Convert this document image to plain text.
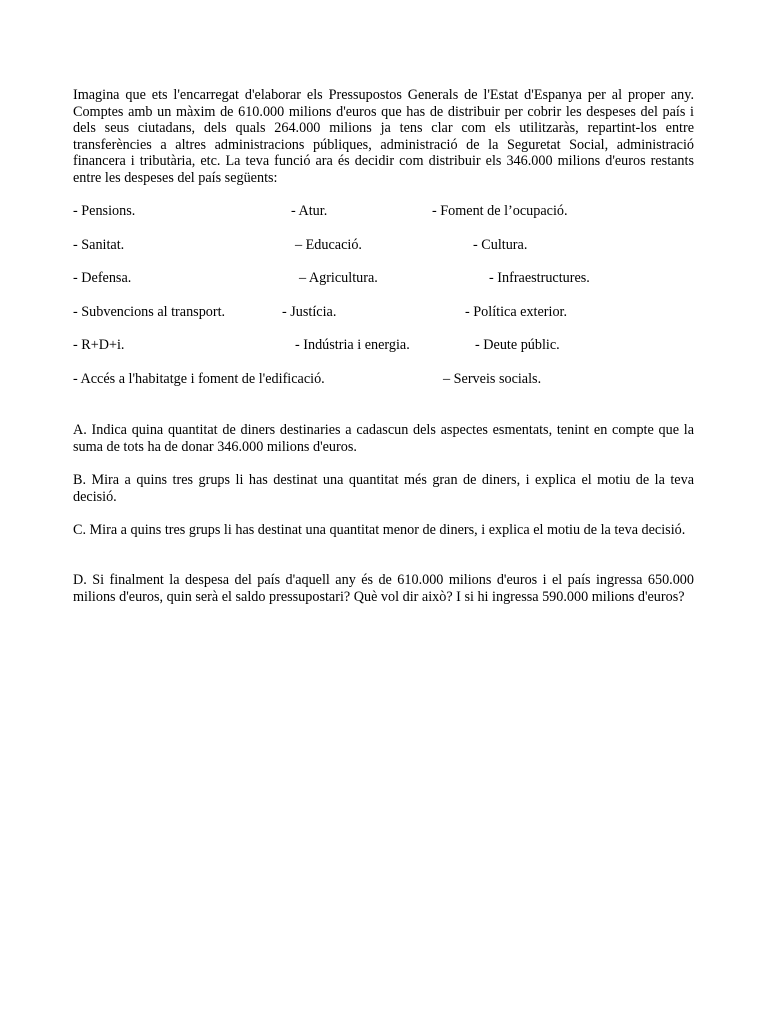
Imagina que ets l'encarregat d'elaborar els Pressupostos Generals de l'Estat d'Espanya per al proper any. Comptes amb un màxim de 610.000 milions d'euros que has de distribuir per cobrir les despeses del país i dels seus ciutadans, dels quals 264.000 milions ja tens clar com els utilitzaràs, repartint-los entre transferències a altres administracions públiques, administració de la Seguretat Social, administració financera i tributària, etc. La teva funció ara és decidir com distribuir els 346.000 milions d'euros restants entre les despeses del país següents:

- Pensions.	- Atur.	- Foment de l’ocupació.
- Sanitat.	– Educació.	- Cultura.
- Defensa.	– Agricultura.	- Infraestructures.
- Subvencions al transport.	- Justícia.	- Política exterior.
- R+D+i.	- Indústria i energia.	- Deute públic.
- Accés a l'habitatge i foment de l'edificació.	– Serveis socials.

A. Indica quina quantitat de diners destinaries a cadascun dels aspectes esmentats, tenint en compte que la suma de tots ha de donar 346.000 milions d'euros.

B. Mira a quins tres grups li has destinat una quantitat més gran de diners, i explica el motiu de la teva decisió.

C. Mira a quins tres grups li has destinat una quantitat menor de diners, i explica el motiu de la teva decisió.

D. Si finalment la despesa del país d'aquell any és de 610.000 milions d'euros i el país ingressa 650.000 milions d'euros, quin serà el saldo pressupostari? Què vol dir això? I si hi ingressa 590.000 milions d'euros?
